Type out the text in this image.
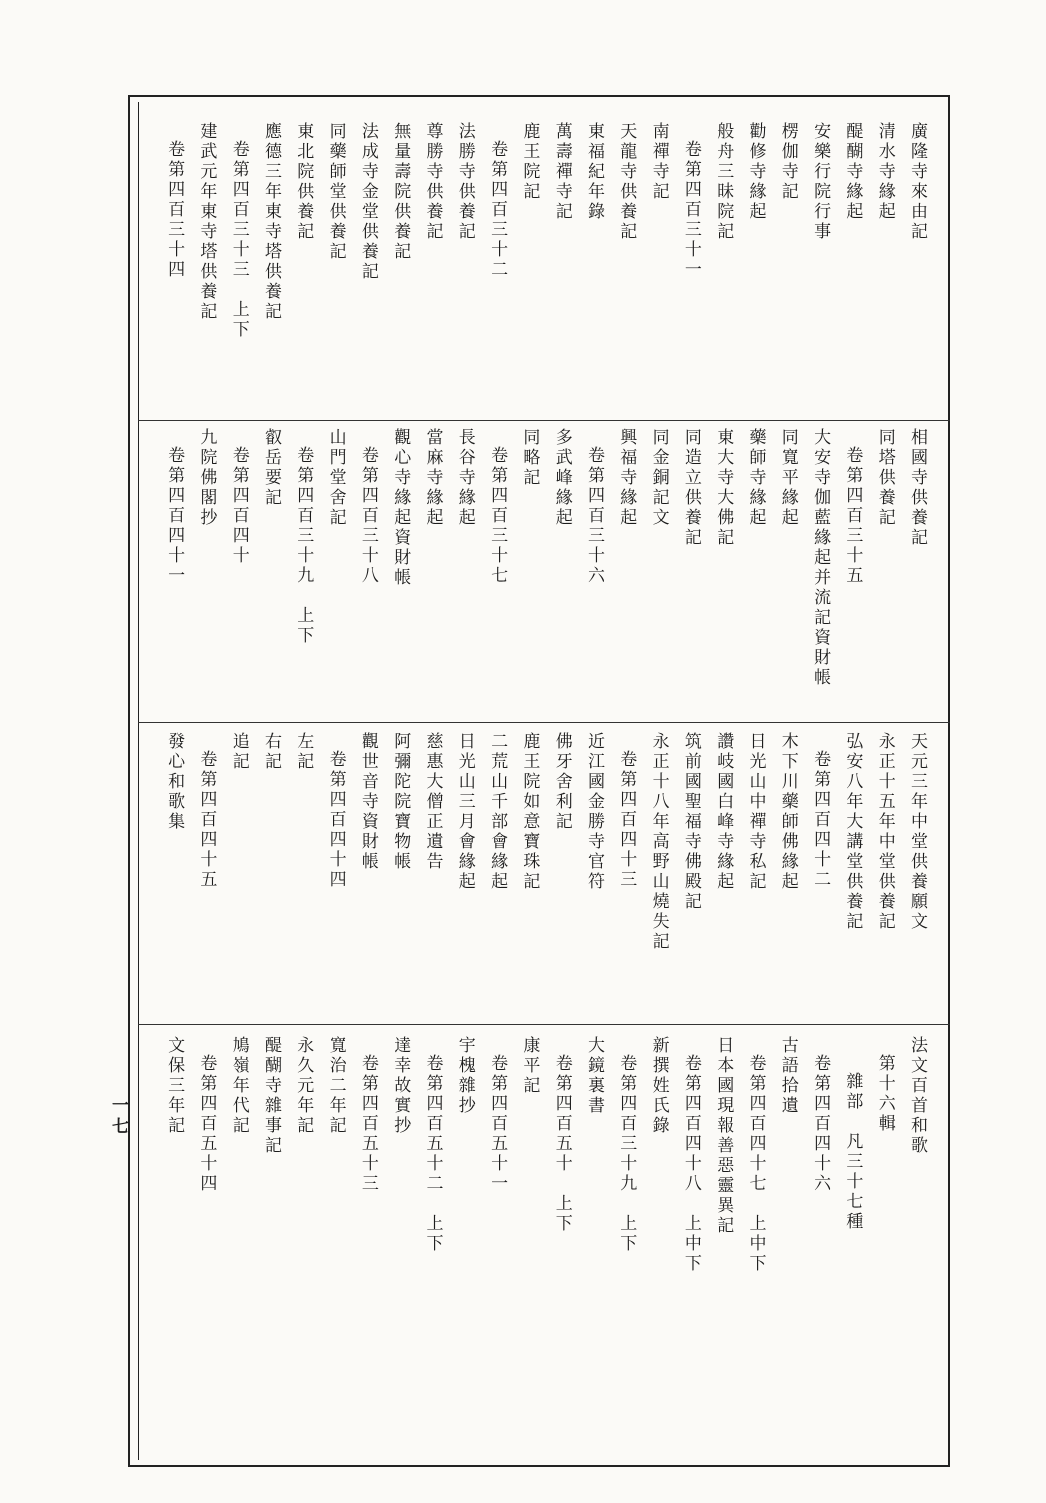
廣隆寺來由記
清水寺緣起
醍醐寺緣起
安樂行院行事
楞伽寺記
勸修寺緣起
般舟三昧院記
卷第四百三十一
南禪寺記
天龍寺供養記
東福紀年錄
萬壽禪寺記
鹿王院記
卷第四百三十二
法勝寺供養記
尊勝寺供養記
無量壽院供養記
法成寺金堂供養記
同藥師堂供養記
東北院供養記
應德三年東寺塔供養記
卷第四百三十三　上下
建武元年東寺塔供養記
卷第四百三十四
相國寺供養記
同塔供養記
卷第四百三十五
大安寺伽藍緣起并流記資財帳
同寬平緣起
藥師寺緣起
東大寺大佛記
同造立供養記
同金銅記文
興福寺緣起
卷第四百三十六
多武峰緣起
同略記
卷第四百三十七
長谷寺緣起
當麻寺緣起
觀心寺緣起資財帳
卷第四百三十八
山門堂舍記
卷第四百三十九　上下
叡岳要記
卷第四百四十
九院佛閣抄
卷第四百四十一
天元三年中堂供養願文
永正十五年中堂供養記
弘安八年大講堂供養記
卷第四百四十二
木下川藥師佛緣起
日光山中禪寺私記
讚岐國白峰寺緣起
筑前國聖福寺佛殿記
永正十八年高野山燒失記
卷第四百四十三
近江國金勝寺官符
佛牙舍利記
鹿王院如意寶珠記
二荒山千部會緣起
日光山三月會緣起
慈惠大僧正遺告
阿彌陀院寶物帳
觀世音寺資財帳
卷第四百四十四
左記
右記
追記
卷第四百四十五
發心和歌集
法文百首和歌
第十六輯
雜部　凡三十七種
卷第四百四十六
古語拾遺
卷第四百四十七　上中下
日本國現報善惡靈異記
卷第四百四十八　上中下
新撰姓氏錄
卷第四百三十九　上下
大鏡裏書
卷第四百五十　上下
康平記
卷第四百五十一
宇槐雜抄
卷第四百五十二　上下
達幸故實抄
卷第四百五十三
寬治二年記
永久元年記
醍醐寺雜事記
鳩嶺年代記
卷第四百五十四
文保三年記
一七
